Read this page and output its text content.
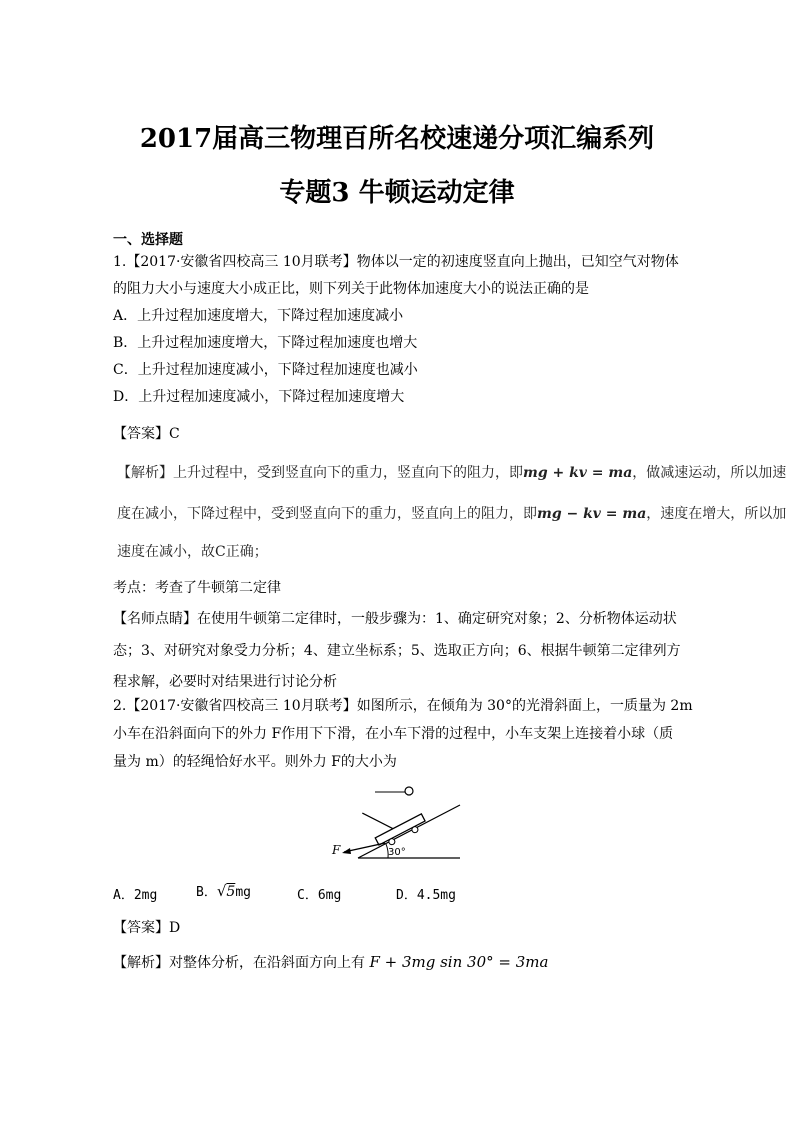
2017届高三物理百所名校速递分项汇编系列
专题3 牛顿运动定律
一、选择题
1.【2017·安徽省四校高三 10月联考】物体以一定的初速度竖直向上抛出，已知空气对物体
的阻力大小与速度大小成正比，则下列关于此物体加速度大小的说法正确的是
A．上升过程加速度增大，下降过程加速度减小
B．上升过程加速度增大，下降过程加速度也增大
C．上升过程加速度减小，下降过程加速度也减小
D．上升过程加速度减小，下降过程加速度增大
【答案】C
【解析】上升过程中，受到竖直向下的重力，竖直向下的阻力，即mg + kv = ma，做减速运动，所以加速
度在减小，下降过程中，受到竖直向下的重力，竖直向上的阻力，即mg − kv = ma，速度在增大，所以加
速度在减小，故C正确；
考点：考查了牛顿第二定律
【名师点睛】在使用牛顿第二定律时，一般步骤为：1、确定研究对象；2、分析物体运动状
态；3、对研究对象受力分析；4、建立坐标系；5、选取正方向；6、根据牛顿第二定律列方
程求解，必要时对结果进行讨论分析
2.【2017·安徽省四校高三 10月联考】如图所示，在倾角为 30°的光滑斜面上，一质量为 2m
小车在沿斜面向下的外力 F作用下下滑，在小车下滑的过程中，小车支架上连接着小球（质
量为 m）的轻绳恰好水平。则外力 F的大小为
F	30°
A．2mg	B．√5mg	C．6mg	D．4.5mg
【答案】D
【解析】对整体分析，在沿斜面方向上有 F + 3mg sin 30° = 3ma
